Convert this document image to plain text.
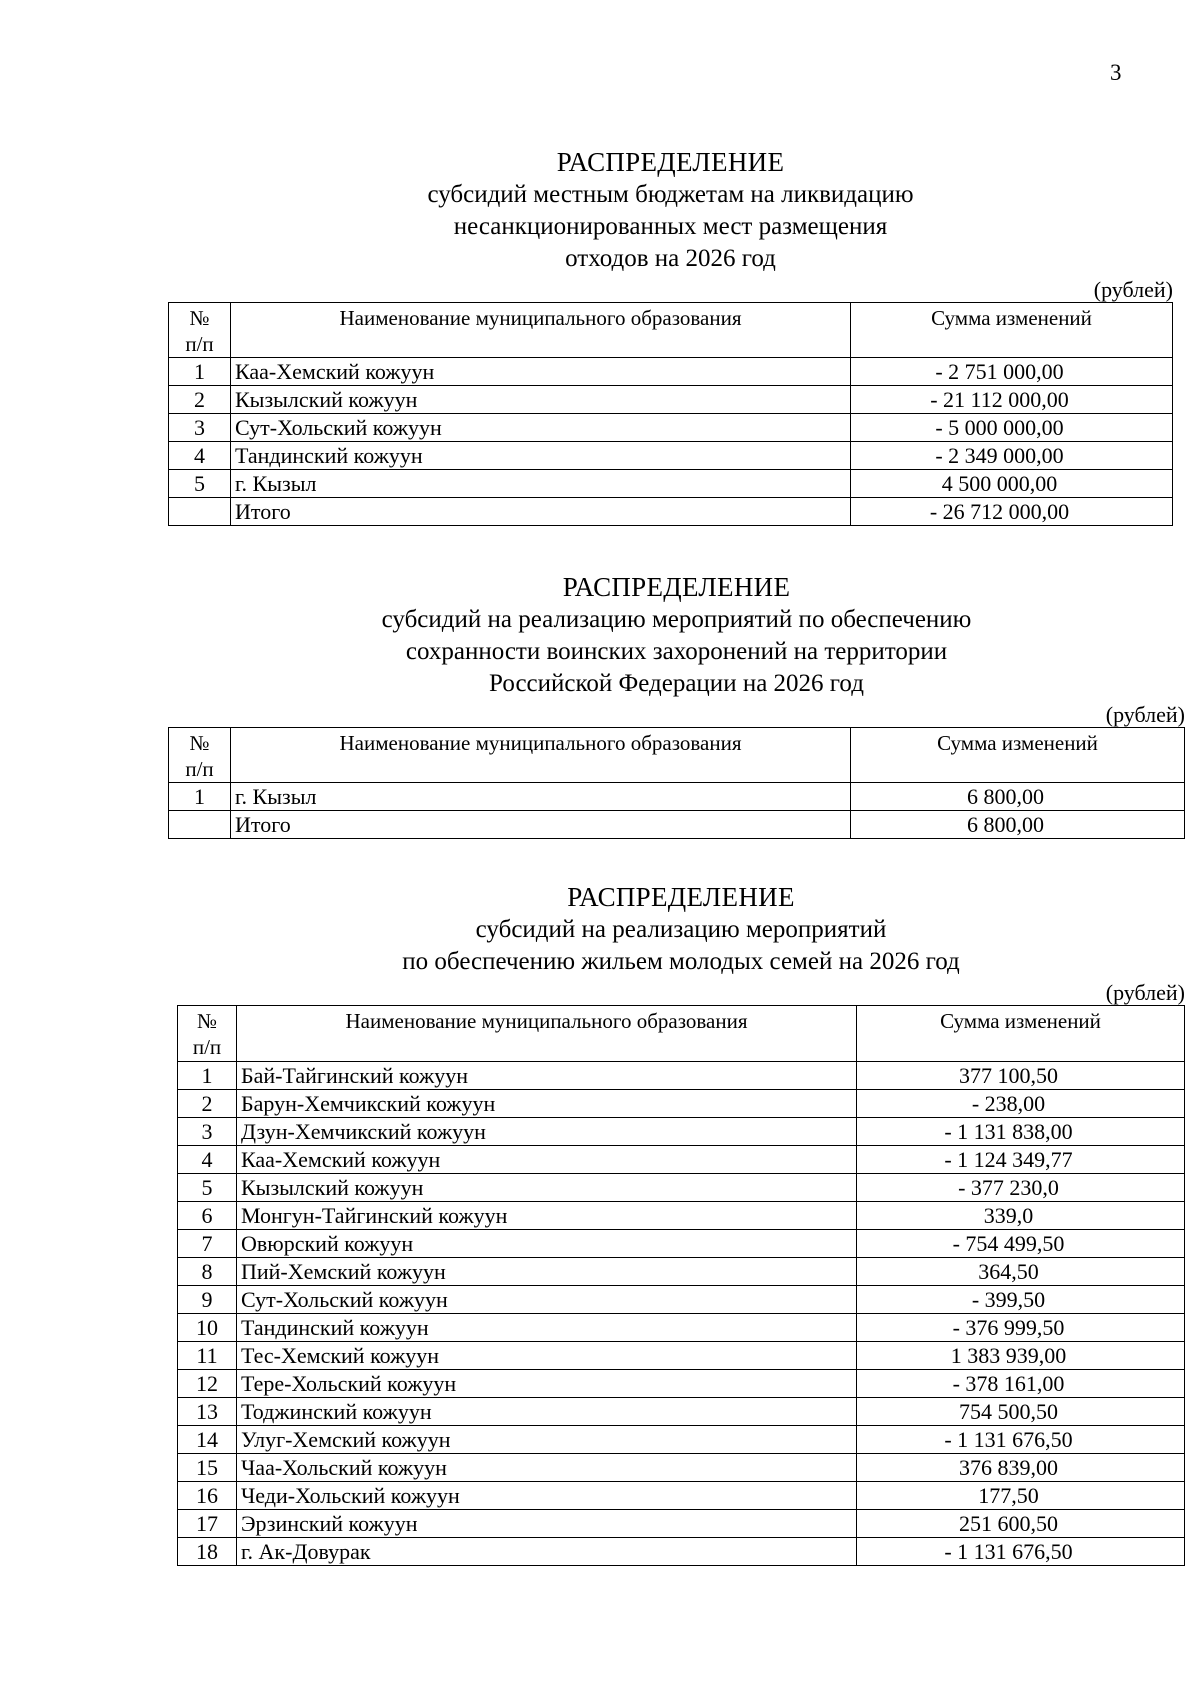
3
РАСПРЕДЕЛЕНИЕ
субсидий местным бюджетам на ликвидацию
несанкционированных мест размещения
отходов на 2026 год
(рублей)
№
п/п	Наименование муниципального образования	Сумма изменений
1	Каа-Хемский кожуун	- 2 751 000,00
2	Кызылский кожуун	- 21 112 000,00
3	Сут-Хольский кожуун	- 5 000 000,00
4	Тандинский кожуун	- 2 349 000,00
5	г. Кызыл	4 500 000,00
	Итого	- 26 712 000,00
РАСПРЕДЕЛЕНИЕ
субсидий на реализацию мероприятий по обеспечению
сохранности воинских захоронений на территории
Российской Федерации на 2026 год
(рублей)
№
п/п	Наименование муниципального образования	Сумма изменений
1	г. Кызыл	6 800,00
	Итого	6 800,00
РАСПРЕДЕЛЕНИЕ
субсидий на реализацию мероприятий
по обеспечению жильем молодых семей на 2026 год
(рублей)
№
п/п	Наименование муниципального образования	Сумма изменений
1	Бай-Тайгинский кожуун	377 100,50
2	Барун-Хемчикский кожуун	- 238,00
3	Дзун-Хемчикский кожуун	- 1 131 838,00
4	Каа-Хемский кожуун	- 1 124 349,77
5	Кызылский кожуун	- 377 230,0
6	Монгун-Тайгинский кожуун	339,0
7	Овюрский кожуун	- 754 499,50
8	Пий-Хемский кожуун	364,50
9	Сут-Хольский кожуун	- 399,50
10	Тандинский кожуун	- 376 999,50
11	Тес-Хемский кожуун	1 383 939,00
12	Тере-Хольский кожуун	- 378 161,00
13	Тоджинский кожуун	754 500,50
14	Улуг-Хемский кожуун	- 1 131 676,50
15	Чаа-Хольский кожуун	376 839,00
16	Чеди-Хольский кожуун	177,50
17	Эрзинский кожуун	251 600,50
18	г. Ак-Довурак	- 1 131 676,50
